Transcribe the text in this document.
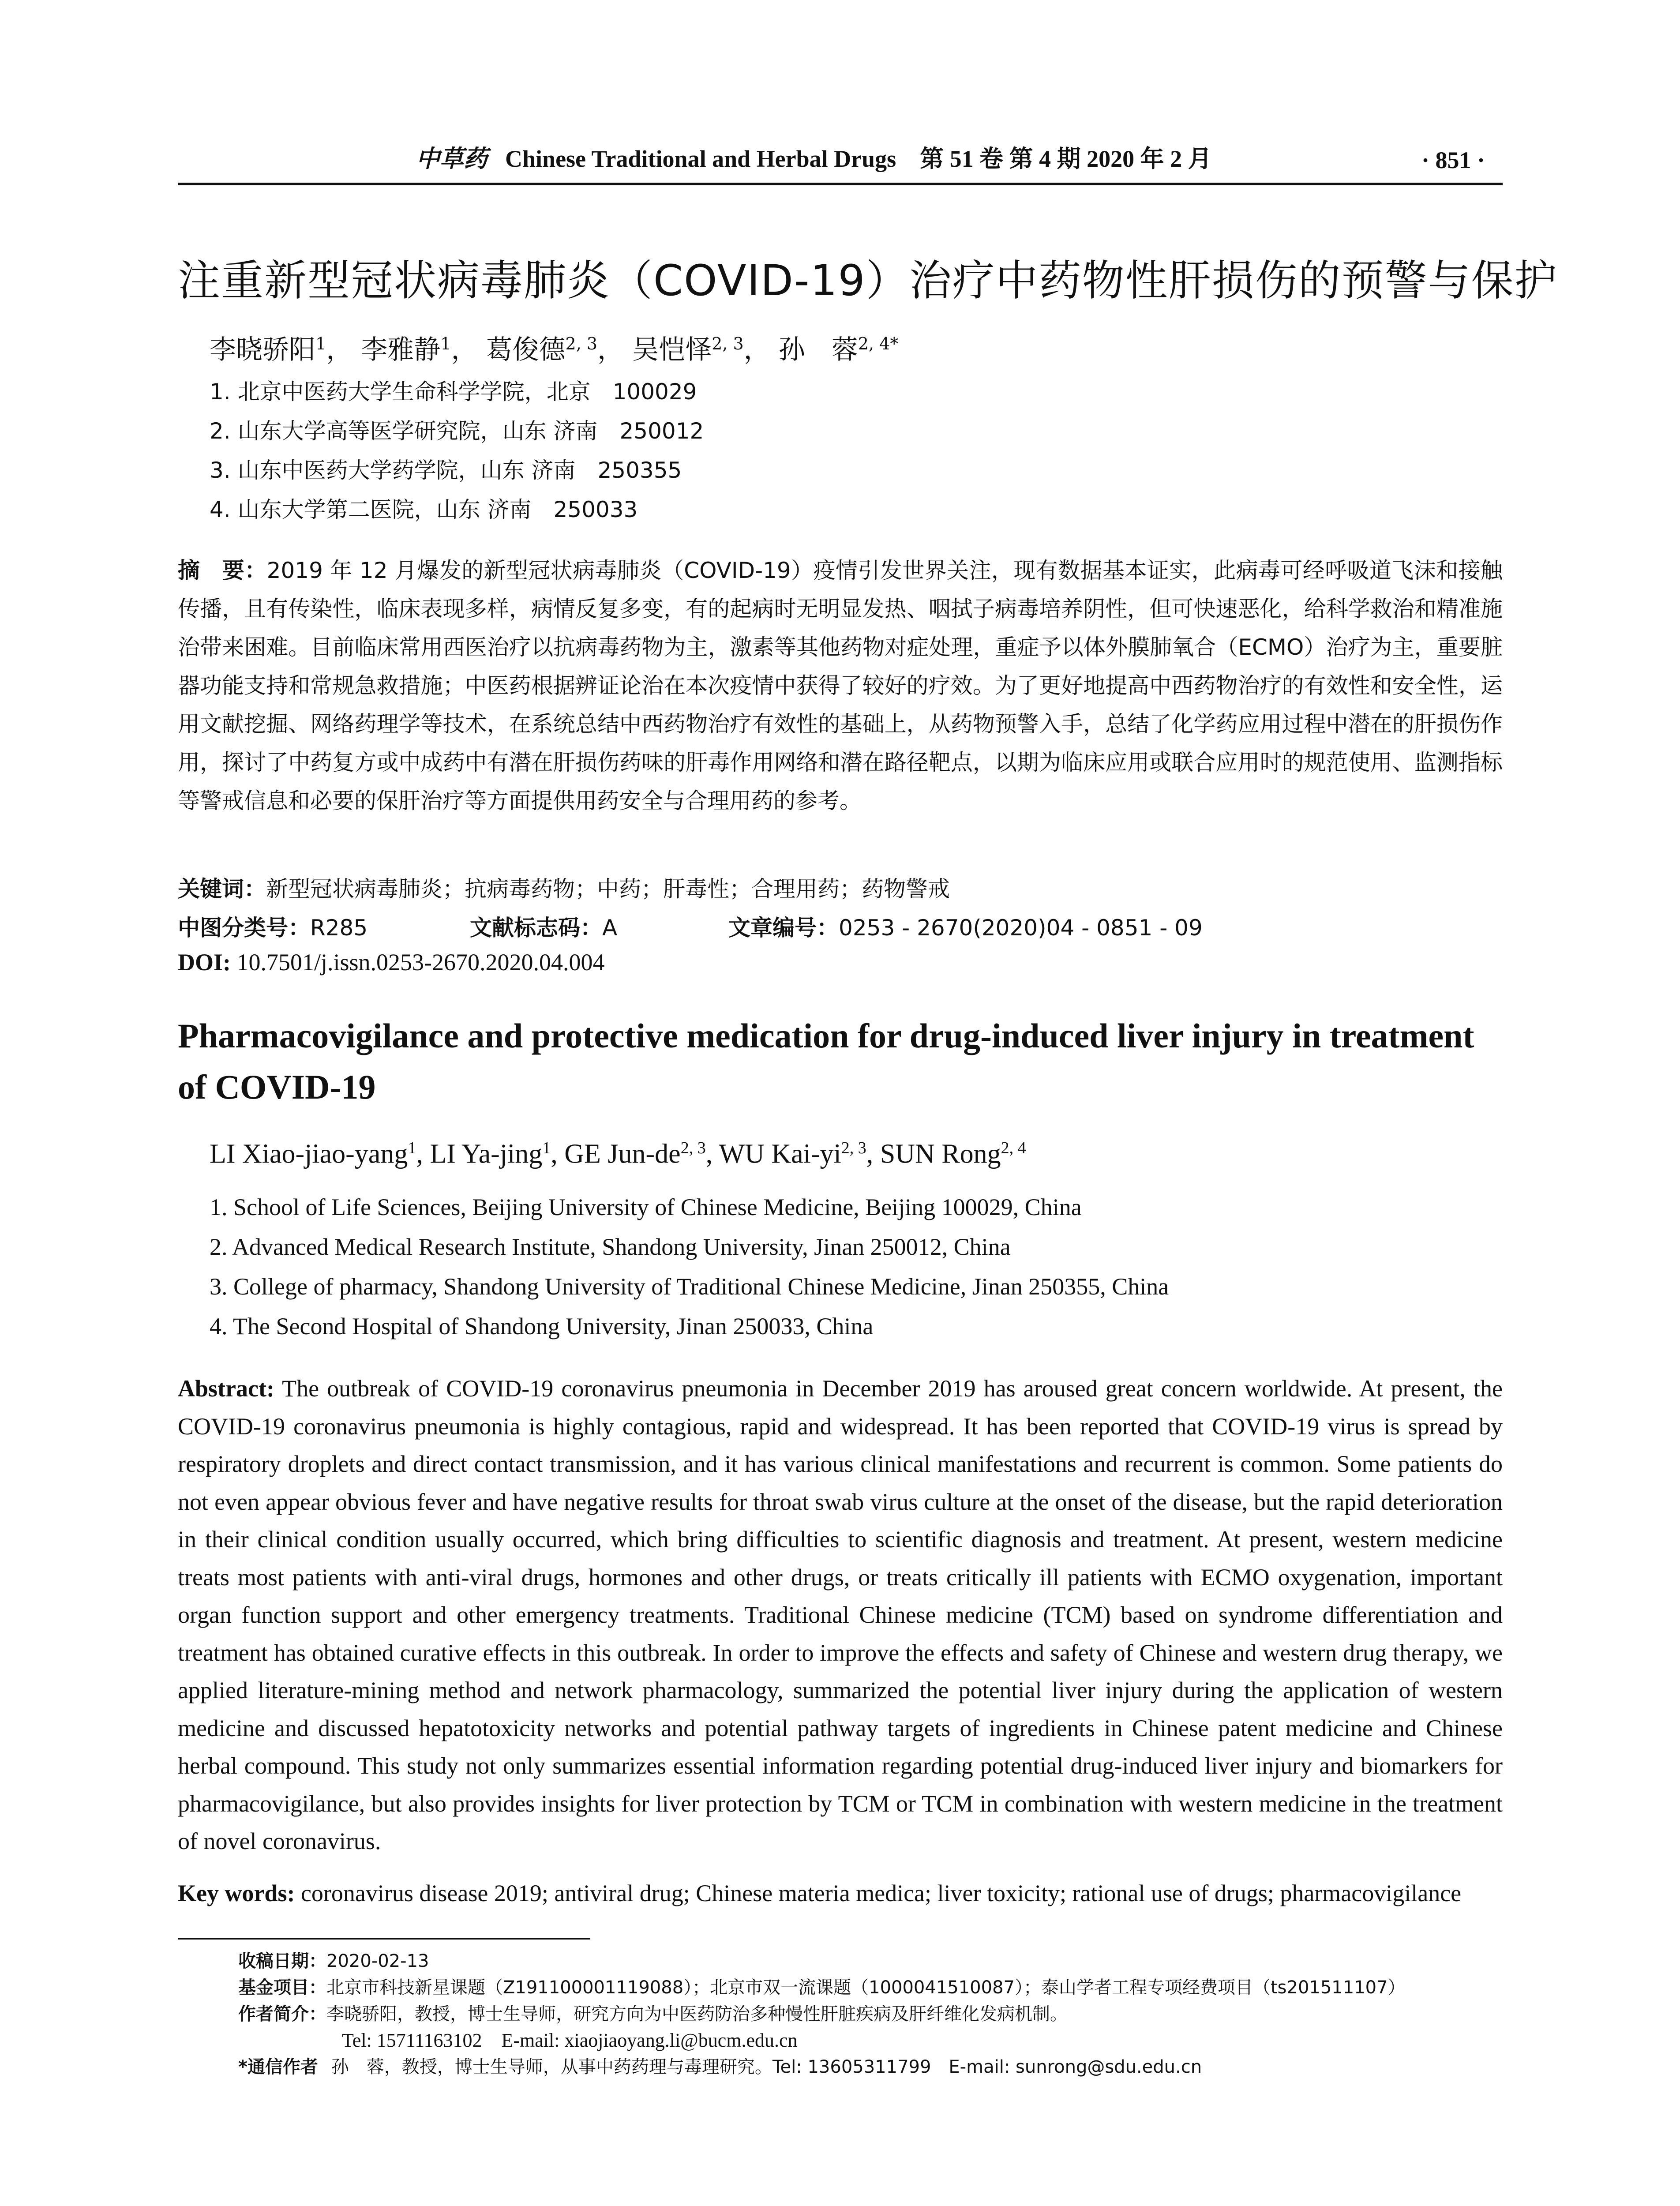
中草药 Chinese Traditional and Herbal Drugs　第 51 卷 第 4 期 2020 年 2 月	· 851 ·
注重新型冠状病毒肺炎（COVID-19）治疗中药物性肝损伤的预警与保护
李晓骄阳$^1$， 李雅静$^1$， 葛俊德$^{2, 3}$， 吴恺怿$^{2, 3}$， 孙　蓉$^{2, 4*}$
1. 北京中医药大学生命科学学院，北京　100029
2. 山东大学高等医学研究院，山东 济南　250012
3. 山东中医药大学药学院，山东 济南　250355
4. 山东大学第二医院，山东 济南　250033
摘　要：2019 年 12 月爆发的新型冠状病毒肺炎（COVID-19）疫情引发世界关注，现有数据基本证实，此病毒可经呼吸道飞沫和接触传播，且有传染性，临床表现多样，病情反复多变，有的起病时无明显发热、咽拭子病毒培养阴性，但可快速恶化，给科学救治和精准施治带来困难。目前临床常用西医治疗以抗病毒药物为主，激素等其他药物对症处理，重症予以体外膜肺氧合（ECMO）治疗为主，重要脏器功能支持和常规急救措施；中医药根据辨证论治在本次疫情中获得了较好的疗效。为了更好地提高中西药物治疗的有效性和安全性，运用文献挖掘、网络药理学等技术，在系统总结中西药物治疗有效性的基础上，从药物预警入手，总结了化学药应用过程中潜在的肝损伤作用，探讨了中药复方或中成药中有潜在肝损伤药味的肝毒作用网络和潜在路径靶点，以期为临床应用或联合应用时的规范使用、监测指标等警戒信息和必要的保肝治疗等方面提供用药安全与合理用药的参考。
关键词：新型冠状病毒肺炎；抗病毒药物；中药；肝毒性；合理用药；药物警戒
中图分类号：R285	文献标志码：A	文章编号：0253 - 2670(2020)04 - 0851 - 09
DOI: 10.7501/j.issn.0253-2670.2020.04.004
Pharmacovigilance and protective medication for drug-induced liver injury in treatment of COVID-19
LI Xiao-jiao-yang$^1$, LI Ya-jing$^1$, GE Jun-de$^{2, 3}$, WU Kai-yi$^{2, 3}$, SUN Rong$^{2, 4}$
1. School of Life Sciences, Beijing University of Chinese Medicine, Beijing 100029, China
2. Advanced Medical Research Institute, Shandong University, Jinan 250012, China
3. College of pharmacy, Shandong University of Traditional Chinese Medicine, Jinan 250355, China
4. The Second Hospital of Shandong University, Jinan 250033, China
Abstract: The outbreak of COVID-19 coronavirus pneumonia in December 2019 has aroused great concern worldwide. At present, the COVID-19 coronavirus pneumonia is highly contagious, rapid and widespread. It has been reported that COVID-19 virus is spread by respiratory droplets and direct contact transmission, and it has various clinical manifestations and recurrent is common. Some patients do not even appear obvious fever and have negative results for throat swab virus culture at the onset of the disease, but the rapid deterioration in their clinical condition usually occurred, which bring difficulties to scientific diagnosis and treatment. At present, western medicine treats most patients with anti-viral drugs, hormones and other drugs, or treats critically ill patients with ECMO oxygenation, important organ function support and other emergency treatments. Traditional Chinese medicine (TCM) based on syndrome differentiation and treatment has obtained curative effects in this outbreak. In order to improve the effects and safety of Chinese and western drug therapy, we applied literature-mining method and network pharmacology, summarized the potential liver injury during the application of western medicine and discussed hepatotoxicity networks and potential pathway targets of ingredients in Chinese patent medicine and Chinese herbal compound. This study not only summarizes essential information regarding potential drug-induced liver injury and biomarkers for pharmacovigilance, but also provides insights for liver protection by TCM or TCM in combination with western medicine in the treatment of novel coronavirus.
Key words: coronavirus disease 2019; antiviral drug; Chinese materia medica; liver toxicity; rational use of drugs; pharmacovigilance
收稿日期：2020-02-13
基金项目：北京市科技新星课题（Z191100001119088）；北京市双一流课题（1000041510087）；泰山学者工程专项经费项目（ts201511107）
作者简介：李晓骄阳，教授，博士生导师，研究方向为中医药防治多种慢性肝脏疾病及肝纤维化发病机制。
Tel: 15711163102　E-mail: xiaojiaoyang.li@bucm.edu.cn
*通信作者 孙　蓉，教授，博士生导师，从事中药药理与毒理研究。Tel: 13605311799　E-mail: sunrong@sdu.edu.cn
